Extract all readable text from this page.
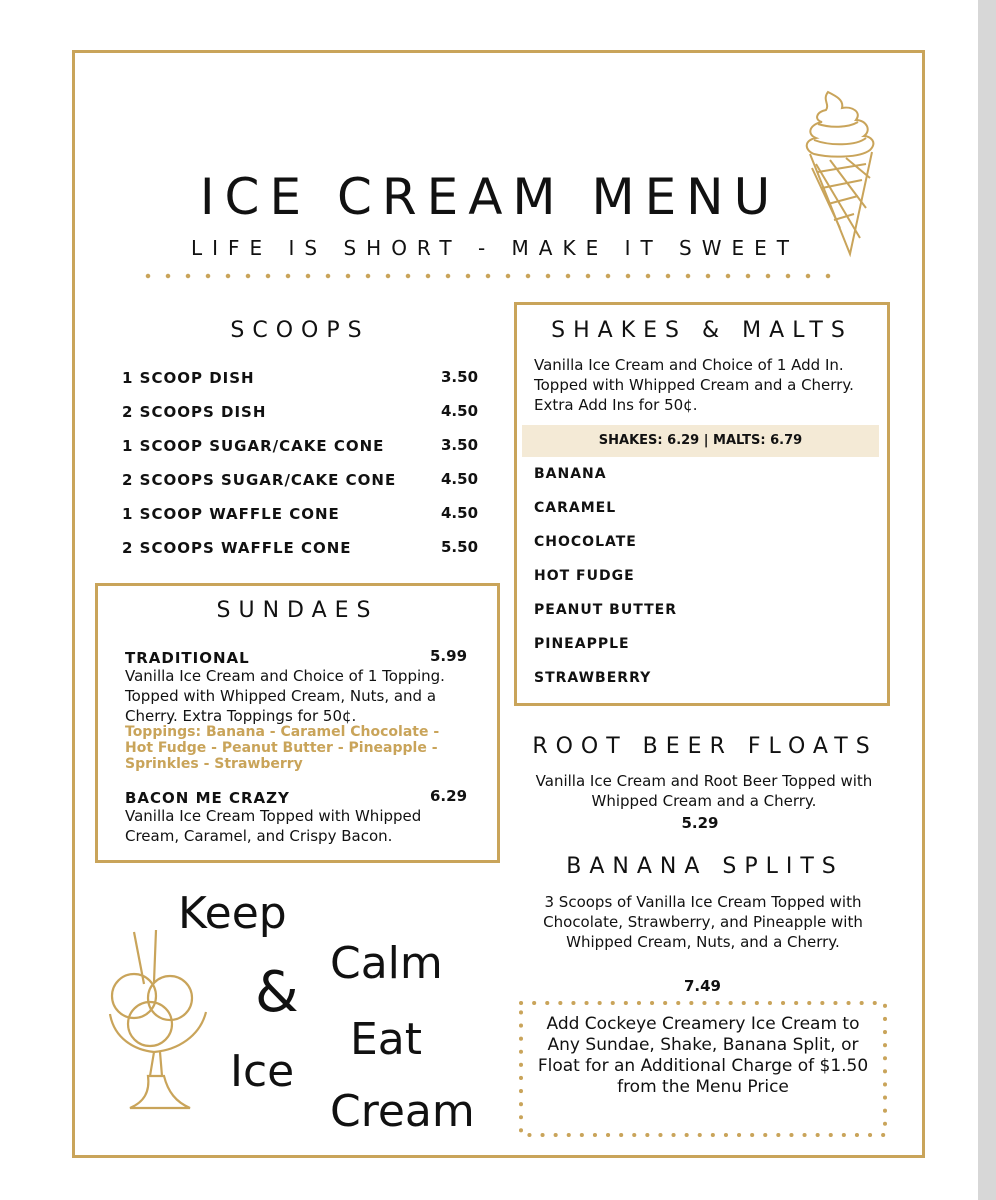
ICE CREAM MENU
LIFE IS SHORT - MAKE IT SWEET
SCOOPS
1 SCOOP DISH	3.50
2 SCOOPS DISH	4.50
1 SCOOP SUGAR/CAKE CONE	3.50
2 SCOOPS SUGAR/CAKE CONE	4.50
1 SCOOP WAFFLE CONE	4.50
2 SCOOPS WAFFLE CONE	5.50
SUNDAES
TRADITIONAL	5.99
Vanilla Ice Cream and Choice of 1 Topping. Topped with Whipped Cream, Nuts, and a Cherry. Extra Toppings for 50¢.
Toppings: Banana - Caramel Chocolate - Hot Fudge - Peanut Butter - Pineapple - Sprinkles - Strawberry
BACON ME CRAZY	6.29
Vanilla Ice Cream Topped with Whipped Cream, Caramel, and Crispy Bacon.
SHAKES & MALTS
Vanilla Ice Cream and Choice of 1 Add In. Topped with Whipped Cream and a Cherry. Extra Add Ins for 50¢.
SHAKES: 6.29 | MALTS: 6.79
BANANA
CARAMEL
CHOCOLATE
HOT FUDGE
PEANUT BUTTER
PINEAPPLE
STRAWBERRY
ROOT BEER FLOATS
Vanilla Ice Cream and Root Beer Topped with Whipped Cream and a Cherry.
5.29
BANANA SPLITS
3 Scoops of Vanilla Ice Cream Topped with Chocolate, Strawberry, and Pineapple with Whipped Cream, Nuts, and a Cherry.
7.49
Add Cockeye Creamery Ice Cream to Any Sundae, Shake, Banana Split, or Float for an Additional Charge of $1.50 from the Menu Price
Keep
&
Ice
Calm
Eat
Cream
